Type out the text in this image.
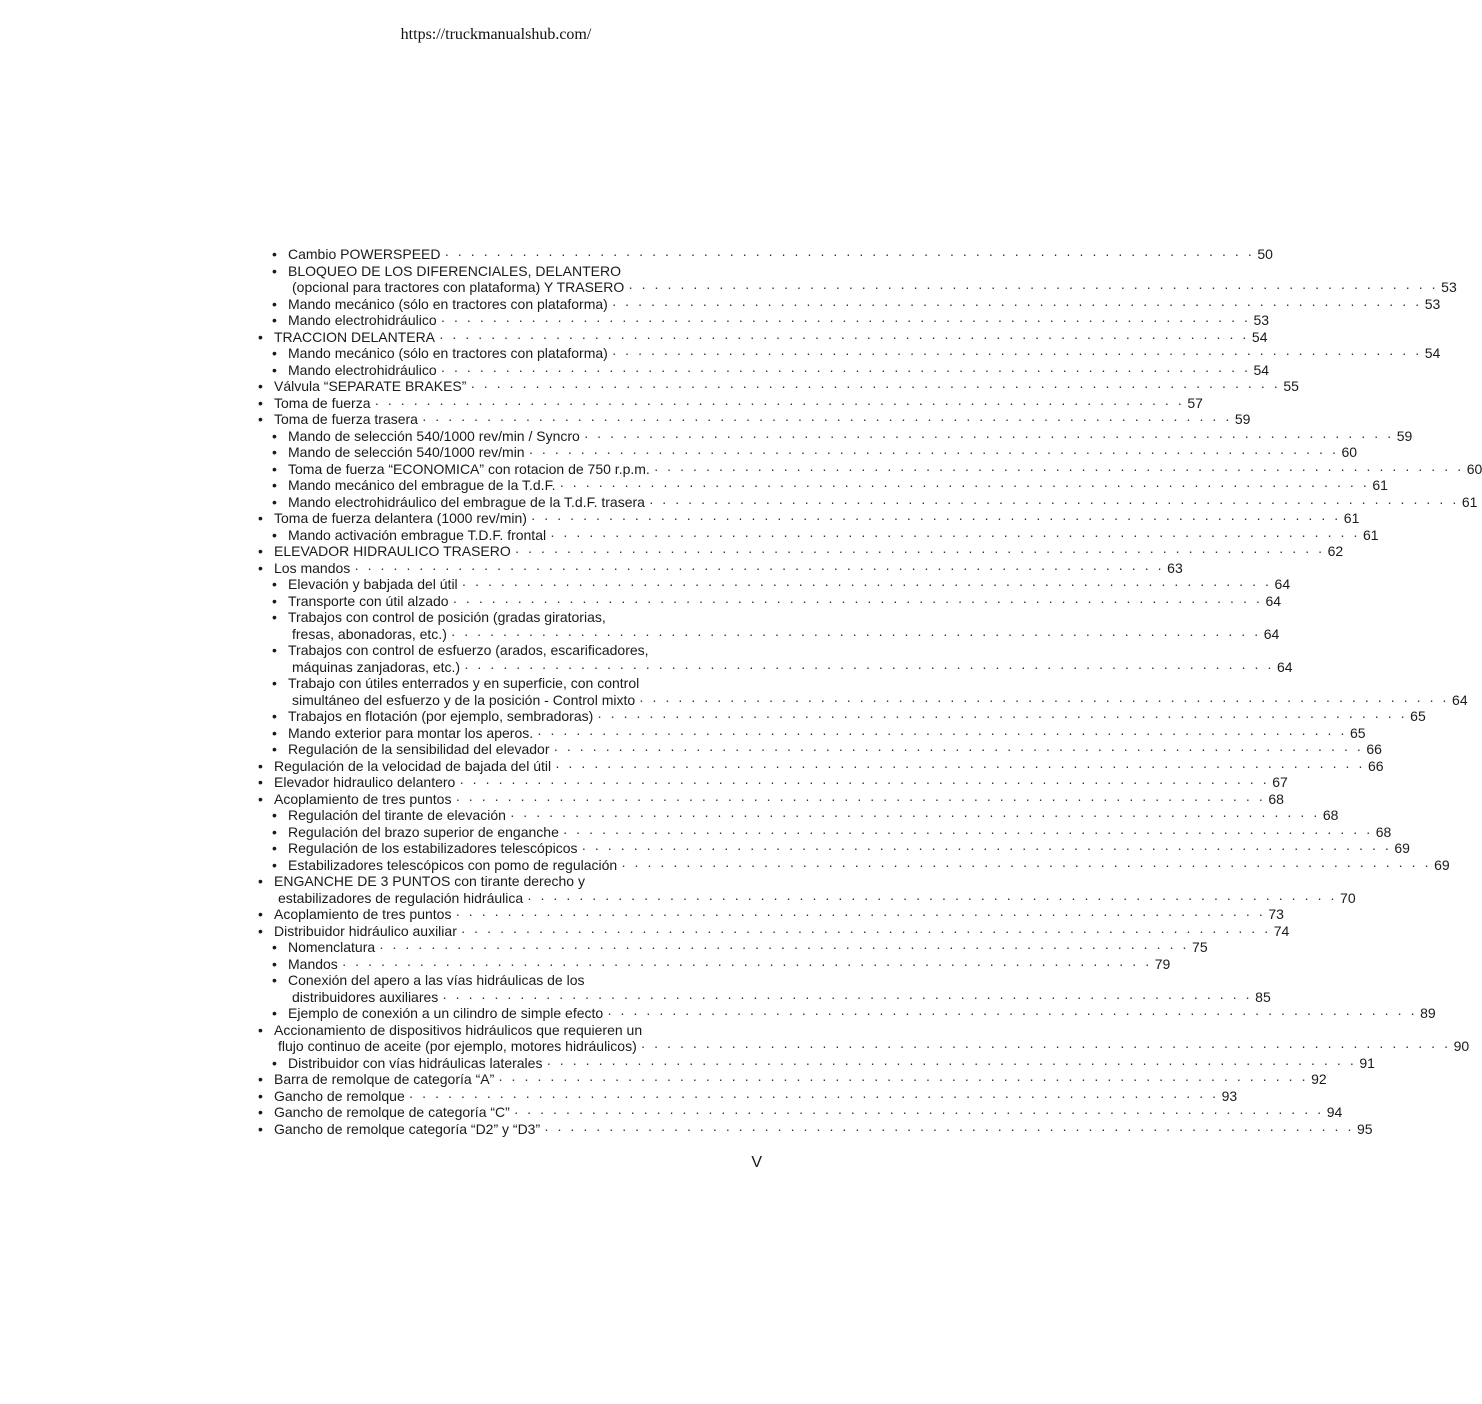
https://truckmanualshub.com/
• Cambio POWERSPEED · · · · · · · · · · · · · · · · · · · · · · · · · · · · · · · · · · · · · · · · · · · · · · · · · · · · · · · · · · · · · · · 50
• BLOQUEO DE LOS DIFERENCIALES, DELANTERO
(opcional para tractores con plataforma) Y TRASERO · · · · · · · · · · · · · · · · · · · · · · · · · · · · · · · · · · · · · · · · · · · · · · · · · · · · · · · · · · · · · · · 53
• Mando mecánico (sólo en tractores con plataforma) · · · · · · · · · · · · · · · · · · · · · · · · · · · · · · · · · · · · · · · · · · · · · · · · · · · · · · · · · · · · · · · 53
• Mando electrohidráulico · · · · · · · · · · · · · · · · · · · · · · · · · · · · · · · · · · · · · · · · · · · · · · · · · · · · · · · · · · · · · · · 53
• TRACCION DELANTERA · · · · · · · · · · · · · · · · · · · · · · · · · · · · · · · · · · · · · · · · · · · · · · · · · · · · · · · · · · · · · · · 54
• Mando mecánico (sólo en tractores con plataforma) · · · · · · · · · · · · · · · · · · · · · · · · · · · · · · · · · · · · · · · · · · · · · · · · · · · · · · · · · · · · · · · 54
• Mando electrohidráulico · · · · · · · · · · · · · · · · · · · · · · · · · · · · · · · · · · · · · · · · · · · · · · · · · · · · · · · · · · · · · · · 54
• Válvula “SEPARATE BRAKES” · · · · · · · · · · · · · · · · · · · · · · · · · · · · · · · · · · · · · · · · · · · · · · · · · · · · · · · · · · · · · · · 55
• Toma de fuerza · · · · · · · · · · · · · · · · · · · · · · · · · · · · · · · · · · · · · · · · · · · · · · · · · · · · · · · · · · · · · · · 57
• Toma de fuerza trasera · · · · · · · · · · · · · · · · · · · · · · · · · · · · · · · · · · · · · · · · · · · · · · · · · · · · · · · · · · · · · · · 59
• Mando de selección 540/1000 rev/min / Syncro · · · · · · · · · · · · · · · · · · · · · · · · · · · · · · · · · · · · · · · · · · · · · · · · · · · · · · · · · · · · · · · 59
• Mando de selección 540/1000 rev/min · · · · · · · · · · · · · · · · · · · · · · · · · · · · · · · · · · · · · · · · · · · · · · · · · · · · · · · · · · · · · · · 60
• Toma de fuerza “ECONOMICA” con rotacion de 750 r.p.m. · · · · · · · · · · · · · · · · · · · · · · · · · · · · · · · · · · · · · · · · · · · · · · · · · · · · · · · · · · · · · · · 60
• Mando mecánico del embrague de la T.d.F. · · · · · · · · · · · · · · · · · · · · · · · · · · · · · · · · · · · · · · · · · · · · · · · · · · · · · · · · · · · · · · · 61
• Mando electrohidráulico del embrague de la T.d.F. trasera · · · · · · · · · · · · · · · · · · · · · · · · · · · · · · · · · · · · · · · · · · · · · · · · · · · · · · · · · · · · · · · 61
• Toma de fuerza delantera (1000 rev/min) · · · · · · · · · · · · · · · · · · · · · · · · · · · · · · · · · · · · · · · · · · · · · · · · · · · · · · · · · · · · · · · 61
• Mando activación embrague T.D.F. frontal · · · · · · · · · · · · · · · · · · · · · · · · · · · · · · · · · · · · · · · · · · · · · · · · · · · · · · · · · · · · · · · 61
• ELEVADOR HIDRAULICO TRASERO · · · · · · · · · · · · · · · · · · · · · · · · · · · · · · · · · · · · · · · · · · · · · · · · · · · · · · · · · · · · · · · 62
• Los mandos · · · · · · · · · · · · · · · · · · · · · · · · · · · · · · · · · · · · · · · · · · · · · · · · · · · · · · · · · · · · · · · 63
• Elevación y babjada del útil · · · · · · · · · · · · · · · · · · · · · · · · · · · · · · · · · · · · · · · · · · · · · · · · · · · · · · · · · · · · · · · 64
• Transporte con útil alzado · · · · · · · · · · · · · · · · · · · · · · · · · · · · · · · · · · · · · · · · · · · · · · · · · · · · · · · · · · · · · · · 64
• Trabajos con control de posición (gradas giratorias,
fresas, abonadoras, etc.) · · · · · · · · · · · · · · · · · · · · · · · · · · · · · · · · · · · · · · · · · · · · · · · · · · · · · · · · · · · · · · · 64
• Trabajos con control de esfuerzo (arados, escarificadores,
máquinas zanjadoras, etc.) · · · · · · · · · · · · · · · · · · · · · · · · · · · · · · · · · · · · · · · · · · · · · · · · · · · · · · · · · · · · · · · 64
• Trabajo con útiles enterrados y en superficie, con control
simultáneo del esfuerzo y de la posición - Control mixto · · · · · · · · · · · · · · · · · · · · · · · · · · · · · · · · · · · · · · · · · · · · · · · · · · · · · · · · · · · · · · · 64
• Trabajos en flotación (por ejemplo, sembradoras) · · · · · · · · · · · · · · · · · · · · · · · · · · · · · · · · · · · · · · · · · · · · · · · · · · · · · · · · · · · · · · · 65
• Mando exterior para montar los aperos. · · · · · · · · · · · · · · · · · · · · · · · · · · · · · · · · · · · · · · · · · · · · · · · · · · · · · · · · · · · · · · · 65
• Regulación de la sensibilidad del elevador · · · · · · · · · · · · · · · · · · · · · · · · · · · · · · · · · · · · · · · · · · · · · · · · · · · · · · · · · · · · · · · 66
• Regulación de la velocidad de bajada del útil · · · · · · · · · · · · · · · · · · · · · · · · · · · · · · · · · · · · · · · · · · · · · · · · · · · · · · · · · · · · · · · 66
• Elevador hidraulico delantero · · · · · · · · · · · · · · · · · · · · · · · · · · · · · · · · · · · · · · · · · · · · · · · · · · · · · · · · · · · · · · · 67
• Acoplamiento de tres puntos · · · · · · · · · · · · · · · · · · · · · · · · · · · · · · · · · · · · · · · · · · · · · · · · · · · · · · · · · · · · · · · 68
• Regulación del tirante de elevación · · · · · · · · · · · · · · · · · · · · · · · · · · · · · · · · · · · · · · · · · · · · · · · · · · · · · · · · · · · · · · · 68
• Regulación del brazo superior de enganche · · · · · · · · · · · · · · · · · · · · · · · · · · · · · · · · · · · · · · · · · · · · · · · · · · · · · · · · · · · · · · · 68
• Regulación de los estabilizadores telescópicos · · · · · · · · · · · · · · · · · · · · · · · · · · · · · · · · · · · · · · · · · · · · · · · · · · · · · · · · · · · · · · · 69
• Estabilizadores telescópicos con pomo de regulación · · · · · · · · · · · · · · · · · · · · · · · · · · · · · · · · · · · · · · · · · · · · · · · · · · · · · · · · · · · · · · · 69
• ENGANCHE DE 3 PUNTOS con tirante derecho y
estabilizadores de regulación hidráulica · · · · · · · · · · · · · · · · · · · · · · · · · · · · · · · · · · · · · · · · · · · · · · · · · · · · · · · · · · · · · · · 70
• Acoplamiento de tres puntos · · · · · · · · · · · · · · · · · · · · · · · · · · · · · · · · · · · · · · · · · · · · · · · · · · · · · · · · · · · · · · · 73
• Distribuidor hidráulico auxiliar · · · · · · · · · · · · · · · · · · · · · · · · · · · · · · · · · · · · · · · · · · · · · · · · · · · · · · · · · · · · · · · 74
• Nomenclatura · · · · · · · · · · · · · · · · · · · · · · · · · · · · · · · · · · · · · · · · · · · · · · · · · · · · · · · · · · · · · · · 75
• Mandos · · · · · · · · · · · · · · · · · · · · · · · · · · · · · · · · · · · · · · · · · · · · · · · · · · · · · · · · · · · · · · · 79
• Conexión del apero a las vías hidráulicas de los
distribuidores auxiliares · · · · · · · · · · · · · · · · · · · · · · · · · · · · · · · · · · · · · · · · · · · · · · · · · · · · · · · · · · · · · · · 85
• Ejemplo de conexión a un cilindro de simple efecto · · · · · · · · · · · · · · · · · · · · · · · · · · · · · · · · · · · · · · · · · · · · · · · · · · · · · · · · · · · · · · · 89
• Accionamiento de dispositivos hidráulicos que requieren un
flujo continuo de aceite (por ejemplo, motores hidráulicos) · · · · · · · · · · · · · · · · · · · · · · · · · · · · · · · · · · · · · · · · · · · · · · · · · · · · · · · · · · · · · · · 90
• Distribuidor con vías hidráulicas laterales · · · · · · · · · · · · · · · · · · · · · · · · · · · · · · · · · · · · · · · · · · · · · · · · · · · · · · · · · · · · · · · 91
• Barra de remolque de categoría “A” · · · · · · · · · · · · · · · · · · · · · · · · · · · · · · · · · · · · · · · · · · · · · · · · · · · · · · · · · · · · · · · 92
• Gancho de remolque · · · · · · · · · · · · · · · · · · · · · · · · · · · · · · · · · · · · · · · · · · · · · · · · · · · · · · · · · · · · · · · 93
• Gancho de remolque de categoría “C” · · · · · · · · · · · · · · · · · · · · · · · · · · · · · · · · · · · · · · · · · · · · · · · · · · · · · · · · · · · · · · · 94
• Gancho de remolque categoría “D2” y “D3” · · · · · · · · · · · · · · · · · · · · · · · · · · · · · · · · · · · · · · · · · · · · · · · · · · · · · · · · · · · · · · · 95
V
